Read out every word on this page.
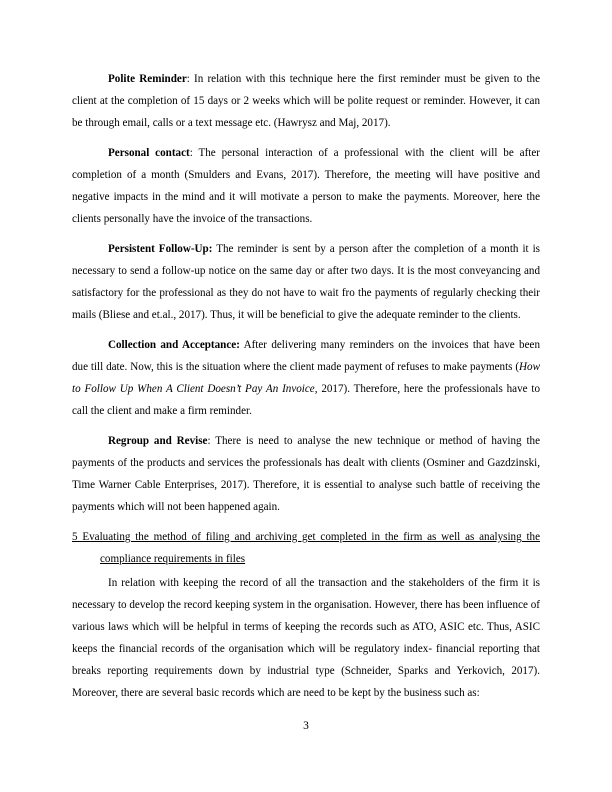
Polite Reminder: In relation with this technique here the first reminder must be given to the client at the completion of 15 days or 2 weeks which will be polite request or reminder. However, it can be through email, calls or a text message etc. (Hawrysz and Maj, 2017).

Personal contact: The personal interaction of a professional with the client will be after completion of a month (Smulders and Evans, 2017). Therefore, the meeting will have positive and negative impacts in the mind and it will motivate a person to make the payments. Moreover, here the clients personally have the invoice of the transactions.

Persistent Follow-Up: The reminder is sent by a person after the completion of a month it is necessary to send a follow-up notice on the same day or after two days. It is the most conveyancing and satisfactory for the professional as they do not have to wait fro the payments of regularly checking their mails (Bliese and et.al., 2017). Thus, it will be beneficial to give the adequate reminder to the clients.

Collection and Acceptance: After delivering many reminders on the invoices that have been due till date. Now, this is the situation where the client made payment of refuses to make payments (How to Follow Up When A Client Doesn’t Pay An Invoice, 2017). Therefore, here the professionals have to call the client and make a firm reminder.

Regroup and Revise: There is need to analyse the new technique or method of having the payments of the products and services the professionals has dealt with clients (Osminer and Gazdzinski, Time Warner Cable Enterprises, 2017). Therefore, it is essential to analyse such battle of receiving the payments which will not been happened again.

5 Evaluating the method of filing and archiving get completed in the firm as well as analysing the compliance requirements in files

In relation with keeping the record of all the transaction and the stakeholders of the firm it is necessary to develop the record keeping system in the organisation. However, there has been influence of various laws which will be helpful in terms of keeping the records such as ATO, ASIC etc. Thus, ASIC keeps the financial records of the organisation which will be regulatory index- financial reporting that breaks reporting requirements down by industrial type (Schneider, Sparks and Yerkovich, 2017). Moreover, there are several basic records which are need to be kept by the business such as:

3
